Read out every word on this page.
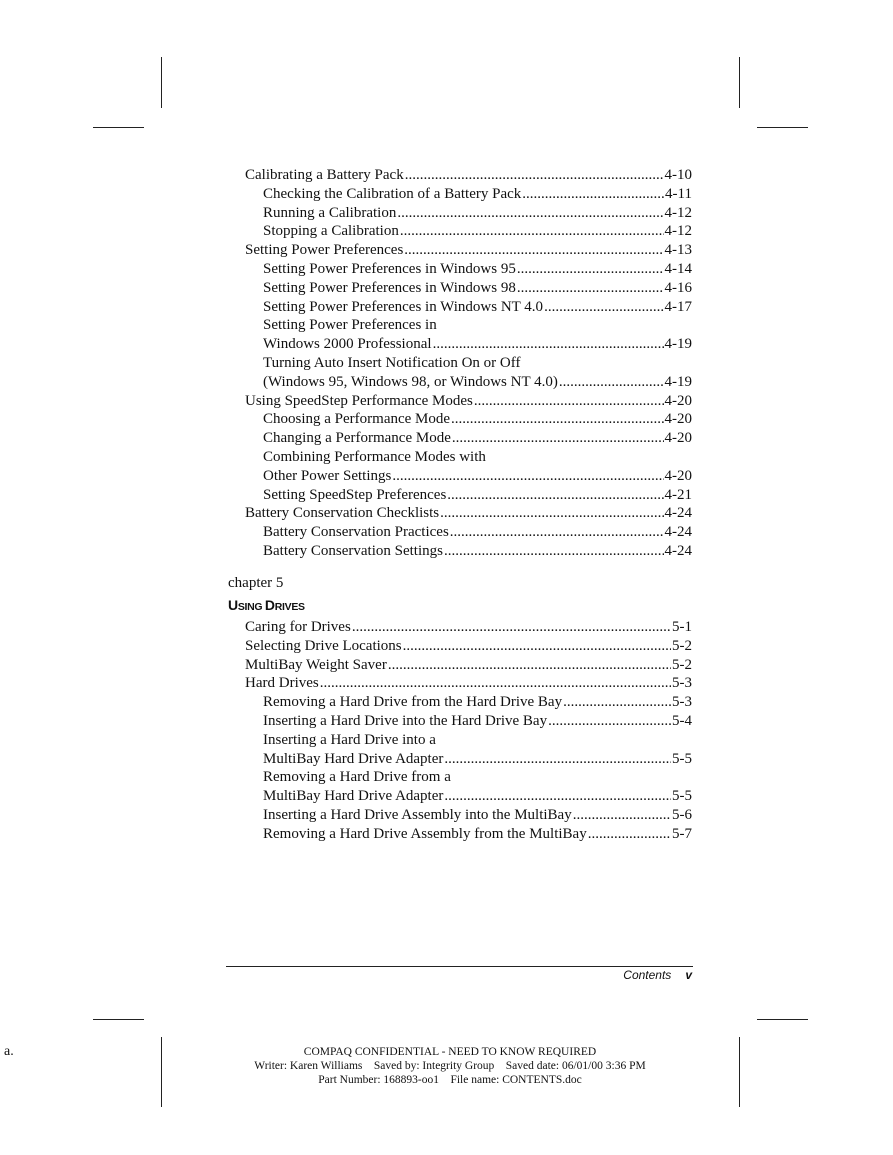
Calibrating a Battery Pack .....	4-10
Checking the Calibration of a Battery Pack .....	4-11
Running a Calibration .....	4-12
Stopping a Calibration .....	4-12
Setting Power Preferences .....	4-13
Setting Power Preferences in Windows 95 .....	4-14
Setting Power Preferences in Windows 98 .....	4-16
Setting Power Preferences in Windows NT 4.0 .....	4-17
Setting Power Preferences in
Windows 2000 Professional .....	4-19
Turning Auto Insert Notification On or Off
(Windows 95, Windows 98, or Windows NT 4.0) .....	4-19
Using SpeedStep Performance Modes .....	4-20
Choosing a Performance Mode .....	4-20
Changing a Performance Mode .....	4-20
Combining Performance Modes with
Other Power Settings .....	4-20
Setting SpeedStep Preferences .....	4-21
Battery Conservation Checklists .....	4-24
Battery Conservation Practices .....	4-24
Battery Conservation Settings .....	4-24
chapter 5
USING DRIVES
Caring for Drives .....	5-1
Selecting Drive Locations .....	5-2
MultiBay Weight Saver .....	5-2
Hard Drives .....	5-3
Removing a Hard Drive from the Hard Drive Bay .....	5-3
Inserting a Hard Drive into the Hard Drive Bay .....	5-4
Inserting a Hard Drive into a
MultiBay Hard Drive Adapter .....	5-5
Removing a Hard Drive from a
MultiBay Hard Drive Adapter .....	5-5
Inserting a Hard Drive Assembly into the MultiBay .....	5-6
Removing a Hard Drive Assembly from the MultiBay .....	5-7
Contents v
a.	COMPAQ CONFIDENTIAL - NEED TO KNOW REQUIRED
Writer: Karen Williams    Saved by: Integrity Group    Saved date: 06/01/00 3:36 PM
Part Number: 168893-oo1    File name: CONTENTS.doc
